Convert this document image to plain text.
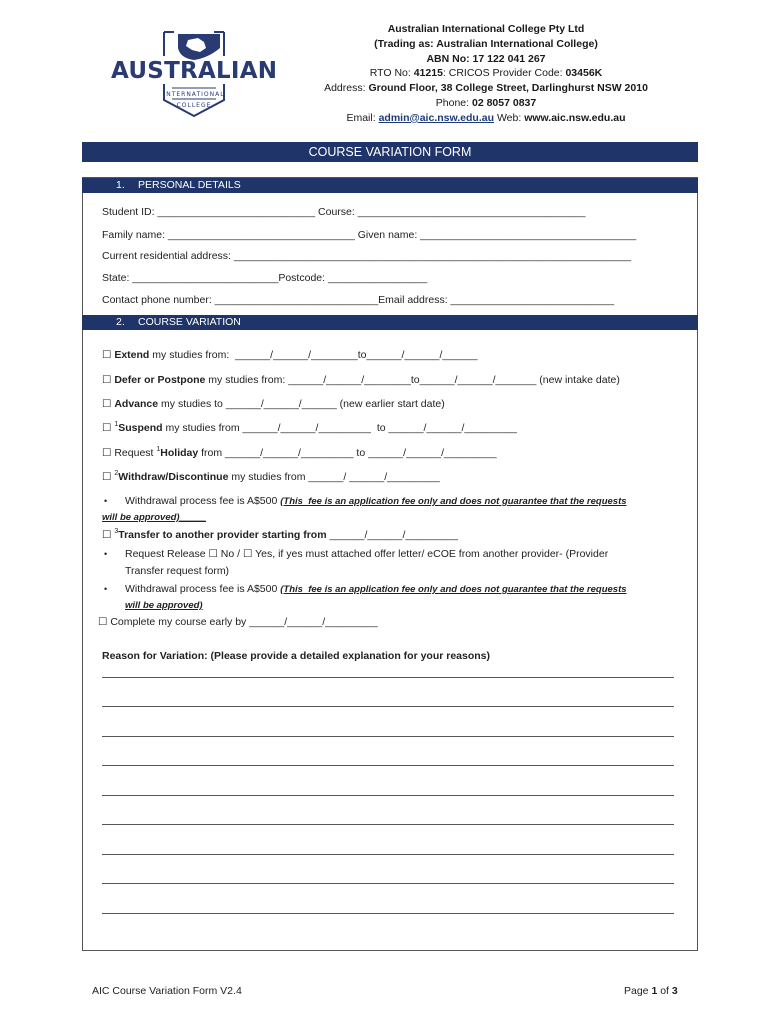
AUSTRALIAN
INTERNATIONAL
COLLEGE
Australian International College Pty Ltd
(Trading as: Australian International College)
ABN No: 17 122 041 267
RTO No: 41215: CRICOS Provider Code: 03456K
Address: Ground Floor, 38 College Street, Darlinghurst NSW 2010
Phone: 02 8057 0837
Email: admin@aic.nsw.edu.au Web: www.aic.nsw.edu.au
COURSE VARIATION FORM
1. PERSONAL DETAILS
Student ID: ___________________________ Course: _______________________________________
Family name: ________________________________ Given name: _____________________________________
Current residential address: ____________________________________________________________________
State: _________________________Postcode: _________________
Contact phone number: ____________________________Email address: ____________________________
2. COURSE VARIATION
☐ Extend my studies from:  ______/______/________to______/______/______
☐ Defer or Postpone my studies from: ______/______/________to______/______/_______ (new intake date)
☐ Advance my studies to ______/______/______ (new earlier start date)
☐ $^1$Suspend my studies from ______/______/_________  to ______/______/_________
☐ Request $^1$Holiday from ______/______/_________ to ______/______/_________
☐ $^2$Withdraw/Discontinue my studies from ______/ ______/_________
• Withdrawal process fee is A$500 (This  fee is an application fee only and does not guarantee that the requests
will be approved)_____
☐ $^3$Transfer to another provider starting from ______/______/_________
• Request Release ☐ No / ☐ Yes, if yes must attached offer letter/ eCOE from another provider- (Provider
Transfer request form)
• Withdrawal process fee is A$500 (This  fee is an application fee only and does not guarantee that the requests
will be approved)
☐ Complete my course early by ______/______/_________
Reason for Variation: (Please provide a detailed explanation for your reasons)
AIC Course Variation Form V2.4	Page 1 of 3
